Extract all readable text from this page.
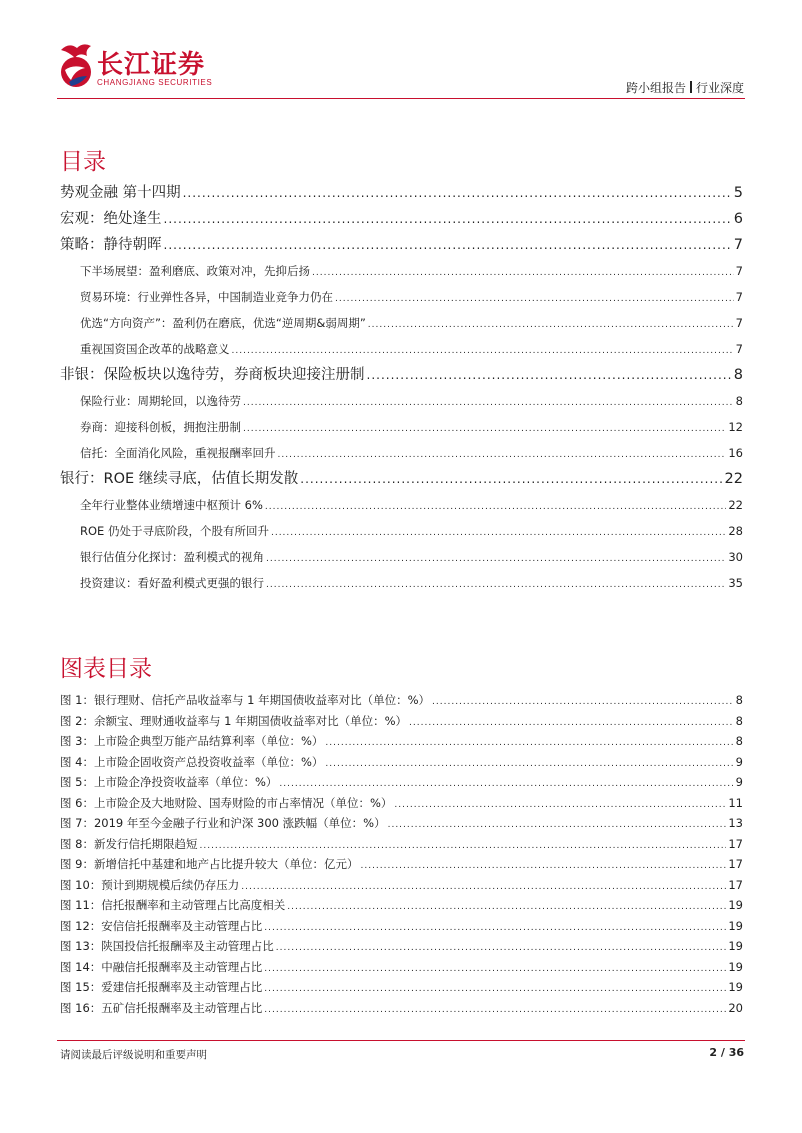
长江证券
CHANGJIANG SECURITIES	跨小组报告 行业深度
目录
势观金融 第十四期 .....	5
宏观：绝处逢生 .....	6
策略：静待朝晖 .....	7
下半场展望：盈利磨底、政策对冲，先抑后扬 .....	7
贸易环境：行业弹性各异，中国制造业竞争力仍在 .....	7
优选“方向资产”：盈利仍在磨底，优选“逆周期&弱周期” .....	7
重视国资国企改革的战略意义 .....	7
非银：保险板块以逸待劳，券商板块迎接注册制 .....	8
保险行业：周期轮回，以逸待劳 .....	8
券商：迎接科创板，拥抱注册制 .....	12
信托：全面消化风险，重视报酬率回升 .....	16
银行：ROE 继续寻底，估值长期发散 .....	22
全年行业整体业绩增速中枢预计 6% .....	22
ROE 仍处于寻底阶段，个股有所回升 .....	28
银行估值分化探讨：盈利模式的视角 .....	30
投资建议：看好盈利模式更强的银行 .....	35
图表目录
图 1：银行理财、信托产品收益率与 1 年期国债收益率对比（单位：%） .....	8
图 2：余额宝、理财通收益率与 1 年期国债收益率对比（单位：%） .....	8
图 3：上市险企典型万能产品结算利率（单位：%） .....	8
图 4：上市险企固收资产总投资收益率（单位：%） .....	9
图 5：上市险企净投资收益率（单位：%） .....	9
图 6：上市险企及大地财险、国寿财险的市占率情况（单位：%） .....	11
图 7：2019 年至今金融子行业和沪深 300 涨跌幅（单位：%） .....	13
图 8：新发行信托期限趋短 .....	17
图 9：新增信托中基建和地产占比提升较大（单位：亿元） .....	17
图 10：预计到期规模后续仍存压力 .....	17
图 11：信托报酬率和主动管理占比高度相关 .....	19
图 12：安信信托报酬率及主动管理占比 .....	19
图 13：陕国投信托报酬率及主动管理占比 .....	19
图 14：中融信托报酬率及主动管理占比 .....	19
图 15：爱建信托报酬率及主动管理占比 .....	19
图 16：五矿信托报酬率及主动管理占比 .....	20
请阅读最后评级说明和重要声明	2 / 36
